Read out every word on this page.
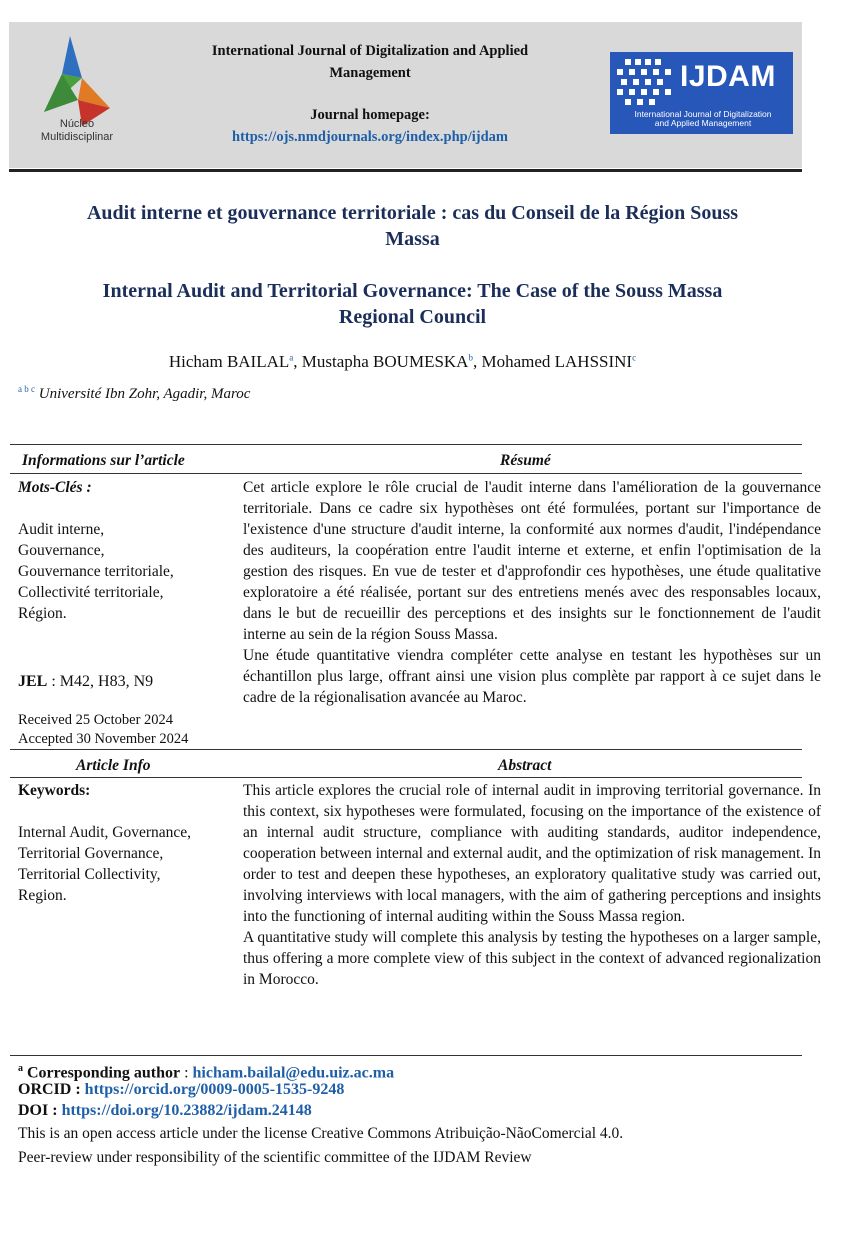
Núcleo
Multidisciplinar
International Journal of Digitalization and Applied
Management
Journal homepage:
https://ojs.nmdjournals.org/index.php/ijdam
IJDAM
International Journal of Digitalization
and Applied Management
Audit interne et gouvernance territoriale : cas du Conseil de la Région Souss
Massa
Internal Audit and Territorial Governance: The Case of the Souss Massa
Regional Council
Hicham BAILAL$^a$, Mustapha BOUMESKA$^b$, Mohamed LAHSSINI$^c$
$^{a b c}$ Université Ibn Zohr, Agadir, Maroc
Informations sur l’article	Résumé
Mots-Clés :
Audit interne,
Gouvernance,
Gouvernance territoriale,
Collectivité territoriale,
Région.
JEL : M42, H83, N9
Received 25 October 2024
Accepted 30 November 2024

Cet article explore le rôle crucial de l'audit interne dans l'amélioration de la gouvernance territoriale. Dans ce cadre six hypothèses ont été formulées, portant sur l'importance de l'existence d'une structure d'audit interne, la conformité aux normes d'audit, l'indépendance des auditeurs, la coopération entre l'audit interne et externe, et enfin l'optimisation de la gestion des risques. En vue de tester et d'approfondir ces hypothèses, une étude qualitative exploratoire a été réalisée, portant sur des entretiens menés avec des responsables locaux, dans le but de recueillir des perceptions et des insights sur le fonctionnement de l'audit interne au sein de la région Souss Massa.

Une étude quantitative viendra compléter cette analyse en testant les hypothèses sur un échantillon plus large, offrant ainsi une vision plus complète par rapport à ce sujet dans le cadre de la régionalisation avancée au Maroc.

Article Info	Abstract
Keywords:
Internal Audit, Governance,
Territorial Governance,
Territorial Collectivity,
Region.

This article explores the crucial role of internal audit in improving territorial governance. In this context, six hypotheses were formulated, focusing on the importance of the existence of an internal audit structure, compliance with auditing standards, auditor independence, cooperation between internal and external audit, and the optimization of risk management. In order to test and deepen these hypotheses, an exploratory qualitative study was carried out, involving interviews with local managers, with the aim of gathering perceptions and insights into the functioning of internal auditing within the Souss Massa region.

A quantitative study will complete this analysis by testing the hypotheses on a larger sample, thus offering a more complete view of this subject in the context of advanced regionalization in Morocco.

$^a$ Corresponding author : hicham.bailal@edu.uiz.ac.ma
ORCID : https://orcid.org/0009-0005-1535-9248
DOI : https://doi.org/10.23882/ijdam.24148
This is an open access article under the license Creative Commons Atribuição-NãoComercial 4.0.
Peer-review under responsibility of the scientific committee of the IJDAM Review
